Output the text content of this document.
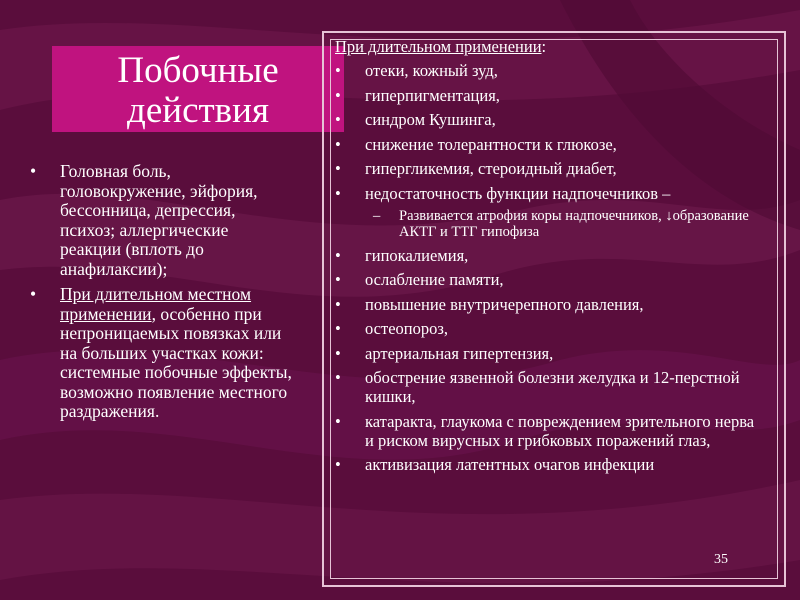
Побочные действия
• Головная боль, головокружение, эйфория, бессонница, депрессия, психоз; аллергические реакции (вплоть до анафилаксии);
• При длительном местном применении, особенно при непроницаемых повязках или на больших участках кожи: системные побочные эффекты, возможно появление местного раздражения.
При длительном применении:
• отеки, кожный зуд,
• гиперпигментация,
• синдром Кушинга,
• снижение толерантности к глюкозе,
• гипергликемия, стероидный диабет,
• недостаточность функции надпочечников –
– Развивается атрофия коры надпочечников, ↓образование АКТГ и ТТГ гипофиза
• гипокалиемия,
• ослабление памяти,
• повышение внутричерепного давления,
• остеопороз,
• артериальная гипертензия,
• обострение язвенной болезни желудка и 12-перстной кишки,
• катаракта, глаукома с повреждением зрительного нерва и риском вирусных и грибковых поражений глаз,
• активизация латентных очагов инфекции
35
